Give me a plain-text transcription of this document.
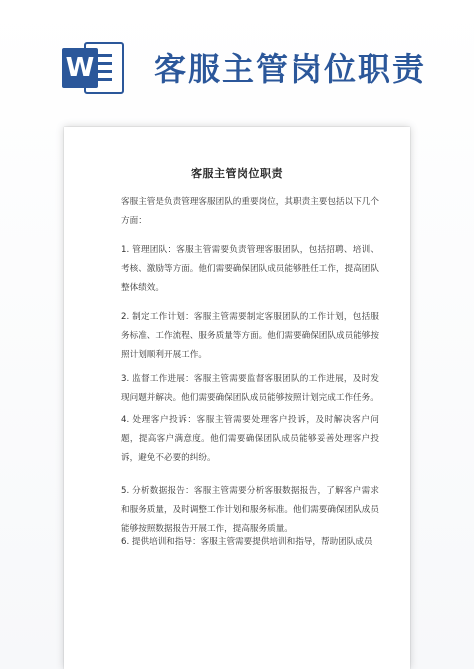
W 客服主管岗位职责
客服主管岗位职责
客服主管是负责管理客服团队的重要岗位，其职责主要包括以下几个方面：
1. 管理团队：客服主管需要负责管理客服团队，包括招聘、培训、考核、激励等方面。他们需要确保团队成员能够胜任工作，提高团队整体绩效。
2. 制定工作计划：客服主管需要制定客服团队的工作计划，包括服务标准、工作流程、服务质量等方面。他们需要确保团队成员能够按照计划顺利开展工作。
3. 监督工作进展：客服主管需要监督客服团队的工作进展，及时发现问题并解决。他们需要确保团队成员能够按照计划完成工作任务。
4. 处理客户投诉：客服主管需要处理客户投诉，及时解决客户问题，提高客户满意度。他们需要确保团队成员能够妥善处理客户投诉，避免不必要的纠纷。
5. 分析数据报告：客服主管需要分析客服数据报告，了解客户需求和服务质量，及时调整工作计划和服务标准。他们需要确保团队成员能够按照数据报告开展工作，提高服务质量。
6. 提供培训和指导：客服主管需要提供培训和指导，帮助团队成员
